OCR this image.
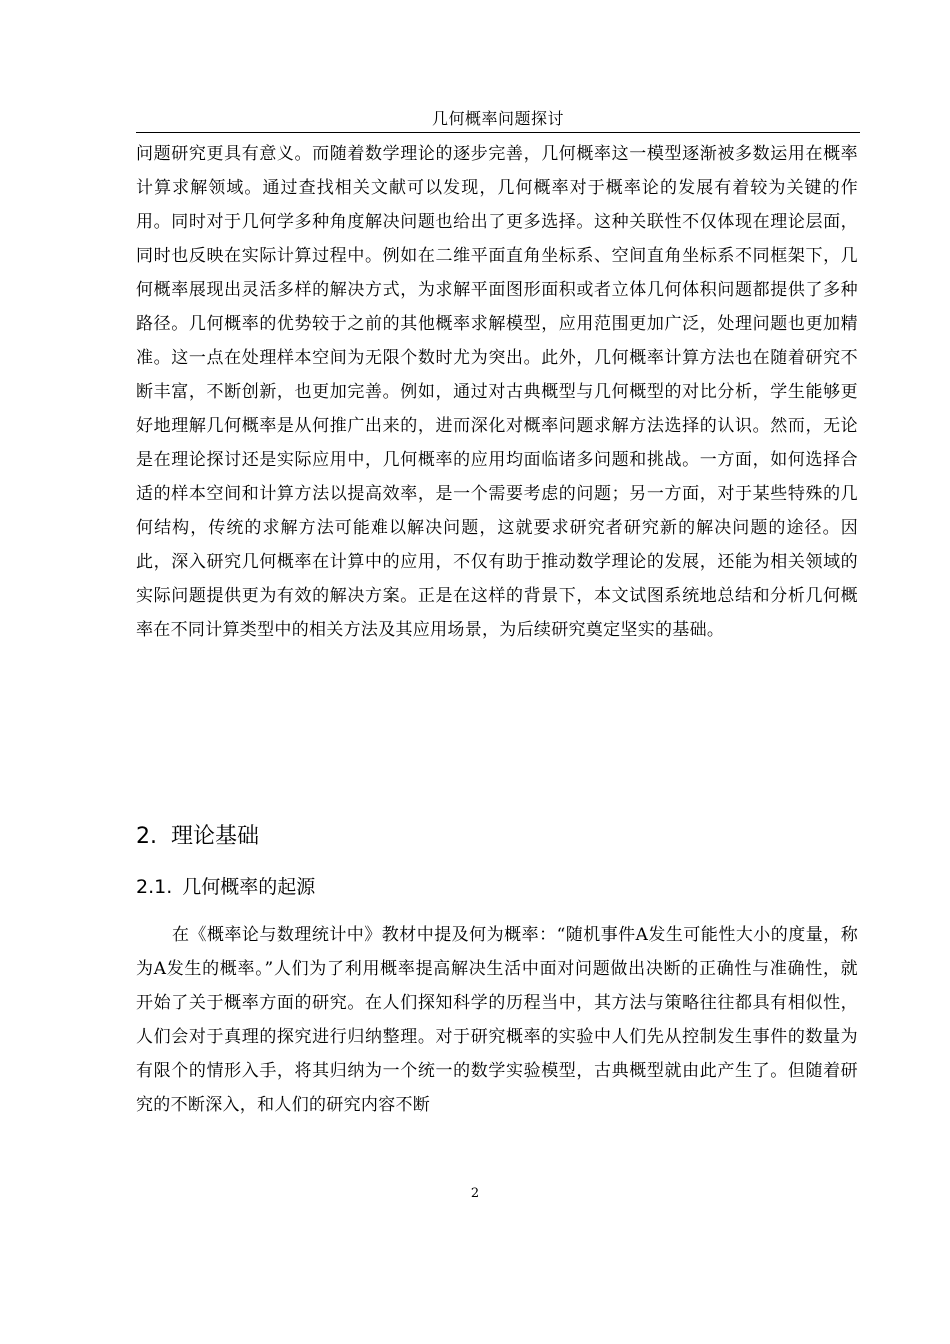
几何概率问题探讨
问题研究更具有意义。而随着数学理论的逐步完善，几何概率这一模型逐渐被多数运用在概率计算求解领域。通过查找相关文献可以发现，几何概率对于概率论的发展有着较为关键的作用。同时对于几何学多种角度解决问题也给出了更多选择。这种关联性不仅体现在理论层面，同时也反映在实际计算过程中。例如在二维平面直角坐标系、空间直角坐标系不同框架下，几何概率展现出灵活多样的解决方式，为求解平面图形面积或者立体几何体积问题都提供了多种路径。几何概率的优势较于之前的其他概率求解模型，应用范围更加广泛，处理问题也更加精准。这一点在处理样本空间为无限个数时尤为突出。此外，几何概率计算方法也在随着研究不断丰富，不断创新，也更加完善。例如，通过对古典概型与几何概型的对比分析，学生能够更好地理解几何概率是从何推广出来的，进而深化对概率问题求解方法选择的认识。然而，无论是在理论探讨还是实际应用中，几何概率的应用均面临诸多问题和挑战。一方面，如何选择合适的样本空间和计算方法以提高效率，是一个需要考虑的问题；另一方面，对于某些特殊的几何结构，传统的求解方法可能难以解决问题，这就要求研究者研究新的解决问题的途径。因此，深入研究几何概率在计算中的应用，不仅有助于推动数学理论的发展，还能为相关领域的实际问题提供更为有效的解决方案。正是在这样的背景下，本文试图系统地总结和分析几何概率在不同计算类型中的相关方法及其应用场景，为后续研究奠定坚实的基础。
2. 理论基础
2.1. 几何概率的起源
在《概率论与数理统计中》教材中提及何为概率：“随机事件A发生可能性大小的度量，称为A发生的概率。”人们为了利用概率提高解决生活中面对问题做出决断的正确性与准确性，就开始了关于概率方面的研究。在人们探知科学的历程当中，其方法与策略往往都具有相似性，人们会对于真理的探究进行归纳整理。对于研究概率的实验中人们先从控制发生事件的数量为有限个的情形入手，将其归纳为一个统一的数学实验模型，古典概型就由此产生了。但随着研究的不断深入，和人们的研究内容不断
2
